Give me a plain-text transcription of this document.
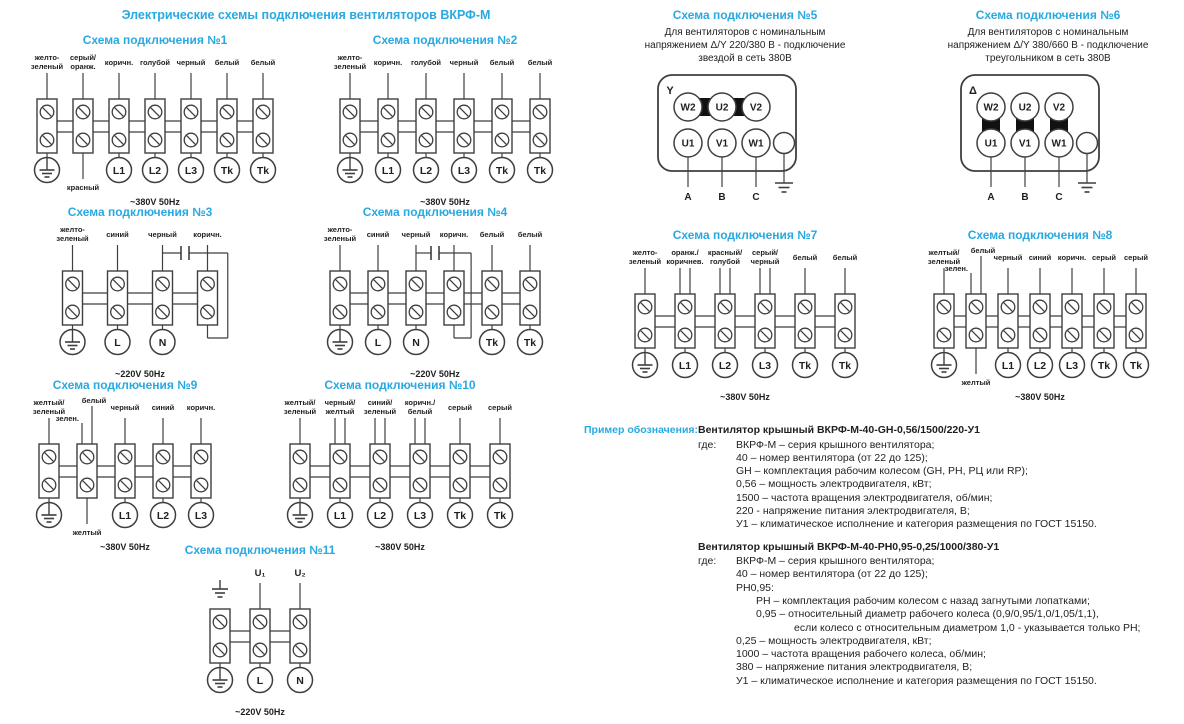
Электрические схемы подключения вентиляторов ВКРФ-М
Схема подключения №1
желто-
зеленый
серый/
оранж.
красный
коричн.
L1
голубой
L2
черный
L3
белый
Tk
белый
Tk
~380V 50Hz
Схема подключения №2
желто-
зеленый коричн.
L1
голубой
L2
черный
L3
белый
Tk
белый
Tk
~380V 50Hz
Схема подключения №3
желто-
зеленый синий
L
черный
N
коричн.
~220V 50Hz
Схема подключения №4
желто-
зеленый синий
L
черный
N
коричн. белый
Tk
белый
Tk
~220V 50Hz
Схема подключения №5
Для вентиляторов с номинальным
напряжением Δ/Y 220/380 В - подключение
звездой в сеть 380В
Y
W2 U2 V2
U1 V1 W1
A	B	C
Схема подключения №6
Для вентиляторов с номинальным
напряжением Δ/Y 380/660 В - подключение
треугольником в сеть 380В
Δ
W2 U2 V2
U1 V1 W1
A	B	C
Схема подключения №7
желто-
зеленый
оранж./
коричнев.
L1
красный/
голубой
L2
серый/
черный
L3
белый
Tk
белый
Tk
~380V 50Hz
Схема подключения №8
желтый/
зеленый
зелен.
белый
желтый
черный
L1
синий
L2
коричн.
L3
серый
Tk
серый
Tk
~380V 50Hz
Схема подключения №9
желтый/
зеленый
зелен.
белый
желтый
черный
L1
синий
L2
коричн.
L3
~380V 50Hz
Схема подключения №10
желтый/
зеленый
черный/
желтый
L1
синий/
зеленый
L2
коричн./
белый
L3
серый
Tk
серый
Tk
~380V 50Hz
Схема подключения №11
U₁
L
U₂
N
~220V 50Hz
Пример обозначения: Вентилятор крышный ВКРФ-М-40-GH-0,56/1500/220-У1
где: ВКРФ-М – серия крышного вентилятора;
40 – номер вентилятора (от 22 до 125);
GH – комплектация рабочим колесом (GH, PH, РЦ или RP);
0,56 – мощность электродвигателя, кВт;
1500 – частота вращения электродвигателя, об/мин;
220 - напряжение питания электродвигателя, В;
У1 – климатическое исполнение и категория размещения по ГОСТ 15150.
Вентилятор крышный ВКРФ-М-40-РН0,95-0,25/1000/380-У1
где: ВКРФ-М – серия крышного вентилятора;
40 – номер вентилятора (от 22 до 125);
РН0,95:
РН – комплектация рабочим колесом с назад загнутыми лопатками;
0,95 – относительный диаметр рабочего колеса (0,9/0,95/1,0/1,05/1,1),
если колесо с относительным диаметром 1,0 - указывается только РН;
0,25 – мощность электродвигателя, кВт;
1000 – частота вращения рабочего колеса, об/мин;
380 – напряжение питания электродвигателя, В;
У1 – климатическое исполнение и категория размещения по ГОСТ 15150.
